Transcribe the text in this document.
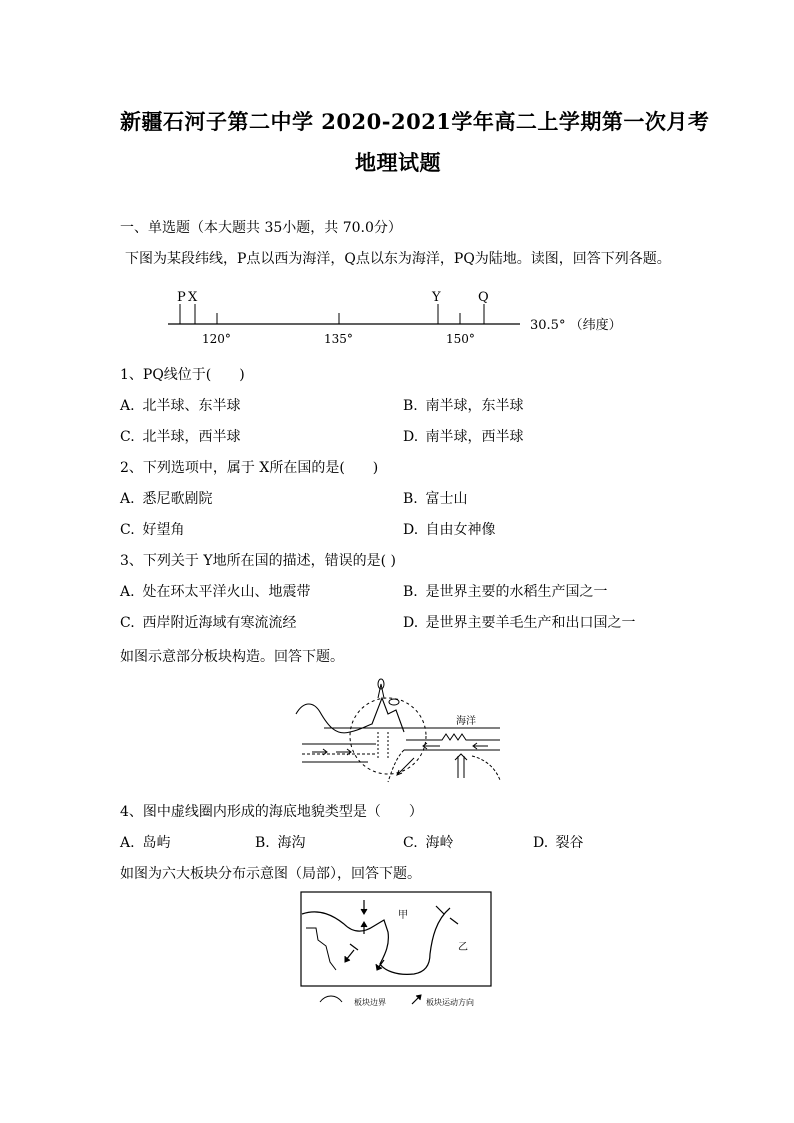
新疆石河子第二中学 2020-2021学年高二上学期第一次月考
地理试题
一、单选题（本大题共 35小题，共 70.0分）
下图为某段纬线，P点以西为海洋，Q点以东为海洋，PQ为陆地。读图，回答下列各题。
P X	Y	Q
120°	135°	150°
30.5° （纬度）
1、PQ线位于(　　)
A. 北半球、东半球	B. 南半球，东半球
C. 北半球，西半球	D. 南半球，西半球
2、下列选项中，属于 X所在国的是(　　)
A. 悉尼歌剧院	B. 富士山
C. 好望角	D. 自由女神像
3、下列关于 Y地所在国的描述，错误的是( )
A. 处在环太平洋火山、地震带	B. 是世界主要的水稻生产国之一
C. 西岸附近海域有寒流流经	D. 是世界主要羊毛生产和出口国之一
如图示意部分板块构造。回答下题。
海洋
4、图中虚线圈内形成的海底地貌类型是（　　）
A. 岛屿	B. 海沟	C. 海岭	D. 裂谷
如图为六大板块分布示意图（局部），回答下题。
甲
乙
板块边界	板块运动方向
